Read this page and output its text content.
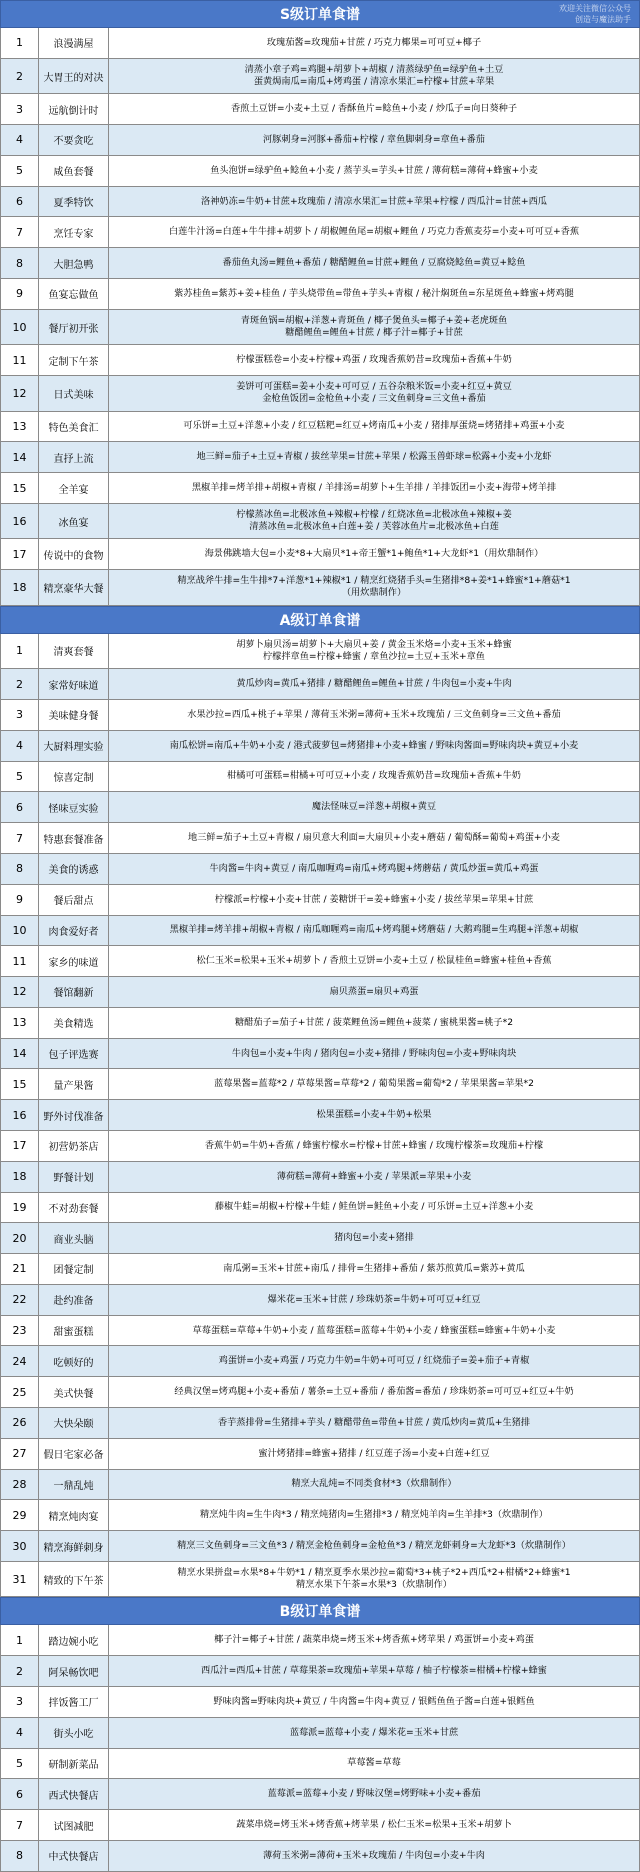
S级订单食谱	欢迎关注微信公众号
创造与魔法助手
1	浪漫满屋	玫瑰茄酱=玫瑰茄+甘蔗 / 巧克力椰果=可可豆+椰子
2	大胃王的对决
清蒸小章子鸡=鸡腿+胡萝卜+胡椒 / 清蒸绿驴鱼=绿驴鱼+土豆
蛋黄焗南瓜=南瓜+烤鸡蛋 / 清凉水果汇=柠檬+甘蔗+苹果
3	远航倒计时	香煎土豆饼=小麦+土豆 / 香酥鱼片=鲶鱼+小麦 / 炒瓜子=向日葵种子
4	不要贪吃	河豚刺身=河豚+番茄+柠檬 / 章鱼脚刺身=章鱼+番茄
5	咸鱼套餐	鱼头泡饼=绿驴鱼+鲶鱼+小麦 / 蒸芋头=芋头+甘蔗 / 薄荷糕=薄荷+蜂蜜+小麦
6	夏季特饮	洛神奶冻=牛奶+甘蔗+玫瑰茄 / 清凉水果汇=甘蔗+苹果+柠檬 / 西瓜汁=甘蔗+西瓜
7	烹饪专家	白莲牛汁汤=白莲+牛牛排+胡萝卜 / 胡椒鲤鱼尾=胡椒+鲤鱼 / 巧克力香蕉麦芬=小麦+可可豆+香蕉
8	大胆急鸭	番茄鱼丸汤=鲤鱼+番茄 / 糖醋鲤鱼=甘蔗+鲤鱼 / 豆腐烧鲶鱼=黄豆+鲶鱼
9	鱼宴忘做鱼	紫苏桂鱼=紫苏+姜+桂鱼 / 芋头烧带鱼=带鱼+芋头+青椒 / 秘汁焖斑鱼=东星斑鱼+蜂蜜+烤鸡腿
10	餐厅初开张
青斑鱼锅=胡椒+洋葱+青斑鱼 / 椰子煲鱼头=椰子+姜+老虎斑鱼
糖醋鲤鱼=鲤鱼+甘蔗 / 椰子汁=椰子+甘蔗
11	定制下午茶	柠檬蛋糕卷=小麦+柠檬+鸡蛋 / 玫瑰香蕉奶昔=玫瑰茄+香蕉+牛奶
12	日式美味
姜饼可可蛋糕=姜+小麦+可可豆 / 五谷杂粮米饭=小麦+红豆+黄豆
金枪鱼饭团=金枪鱼+小麦 / 三文鱼刺身=三文鱼+番茄
13	特色美食汇	可乐饼=土豆+洋葱+小麦 / 红豆糕粑=红豆+烤南瓜+小麦 / 猪排厚蛋烧=烤猪排+鸡蛋+小麦
14	直抒上流	地三鲜=茄子+土豆+青椒 / 拔丝苹果=甘蔗+苹果 / 松露玉兽虾球=松露+小麦+小龙虾
15	全羊宴	黑椒羊排=烤羊排+胡椒+青椒 / 羊排汤=胡萝卜+生羊排 / 羊排饭团=小麦+海带+烤羊排
16	冰鱼宴
柠檬蒸冰鱼=北极冰鱼+辣椒+柠檬 / 红烧冰鱼=北极冰鱼+辣椒+姜
清蒸冰鱼=北极冰鱼+白莲+姜 / 芙蓉冰鱼片=北极冰鱼+白莲
17	传说中的食物	海景佛跳墙大包=小麦*8+大扇贝*1+帝王蟹*1+鲍鱼*1+大龙虾*1（用炊鼎制作）
18	精烹豪华大餐
精烹战斧牛排=生牛排*7+洋葱*1+辣椒*1 / 精烹红烧猪手头=生猪排*8+姜*1+蜂蜜*1+蘑菇*1
（用炊鼎制作）
A级订单食谱
1	清爽套餐
胡萝卜扇贝汤=胡萝卜+大扇贝+姜 / 黄金玉米烙=小麦+玉米+蜂蜜
柠檬拌章鱼=柠檬+蜂蜜 / 章鱼沙拉=土豆+玉米+章鱼
2	家常好味道	黄瓜炒肉=黄瓜+猪排 / 糖醋鲤鱼=鲤鱼+甘蔗 / 牛肉包=小麦+牛肉
3	美味健身餐	水果沙拉=西瓜+桃子+苹果 / 薄荷玉米粥=薄荷+玉米+玫瑰茄 / 三文鱼刺身=三文鱼+番茄
4	大厨料理实验	南瓜松饼=南瓜+牛奶+小麦 / 港式菠萝包=烤猪排+小麦+蜂蜜 / 野味肉酱面=野味肉块+黄豆+小麦
5	惊喜定制	柑橘可可蛋糕=柑橘+可可豆+小麦 / 玫瑰香蕉奶昔=玫瑰茄+香蕉+牛奶
6	怪味豆实验	魔法怪味豆=洋葱+胡椒+黄豆
7	特惠套餐准备	地三鲜=茄子+土豆+青椒 / 扇贝意大利面=大扇贝+小麦+蘑菇 / 葡萄酥=葡萄+鸡蛋+小麦
8	美食的诱惑	牛肉酱=牛肉+黄豆 / 南瓜咖喱鸡=南瓜+烤鸡腿+烤蘑菇 / 黄瓜炒蛋=黄瓜+鸡蛋
9	餐后甜点	柠檬派=柠檬+小麦+甘蔗 / 姜糖饼干=姜+蜂蜜+小麦 / 拔丝苹果=苹果+甘蔗
10	肉食爱好者	黑椒羊排=烤羊排+胡椒+青椒 / 南瓜咖喱鸡=南瓜+烤鸡腿+烤蘑菇 / 大鹅鸡腿=生鸡腿+洋葱+胡椒
11	家乡的味道	松仁玉米=松果+玉米+胡萝卜 / 香煎土豆饼=小麦+土豆 / 松鼠桂鱼=蜂蜜+桂鱼+香蕉
12	餐馆翻新	扇贝蒸蛋=扇贝+鸡蛋
13	美食精选	糖醋茄子=茄子+甘蔗 / 菠菜鲤鱼汤=鲤鱼+菠菜 / 蜜桃果酱=桃子*2
14	包子评选赛	牛肉包=小麦+牛肉 / 猪肉包=小麦+猪排 / 野味肉包=小麦+野味肉块
15	量产果酱	蓝莓果酱=蓝莓*2 / 草莓果酱=草莓*2 / 葡萄果酱=葡萄*2 / 苹果果酱=苹果*2
16	野外讨伐准备	松果蛋糕=小麦+牛奶+松果
17	初营奶茶店	香蕉牛奶=牛奶+香蕉 / 蜂蜜柠檬水=柠檬+甘蔗+蜂蜜 / 玫瑰柠檬茶=玫瑰茄+柠檬
18	野餐计划	薄荷糕=薄荷+蜂蜜+小麦 / 苹果派=苹果+小麦
19	不对劲套餐	藤椒牛蛙=胡椒+柠檬+牛蛙 / 鲑鱼饼=鲑鱼+小麦 / 可乐饼=土豆+洋葱+小麦
20	商业头脑	猪肉包=小麦+猪排
21	团餐定制	南瓜粥=玉米+甘蔗+南瓜 / 排骨=生猪排+番茄 / 紫苏煎黄瓜=紫苏+黄瓜
22	赴约准备	爆米花=玉米+甘蔗 / 珍珠奶茶=牛奶+可可豆+红豆
23	甜蜜蛋糕	草莓蛋糕=草莓+牛奶+小麦 / 蓝莓蛋糕=蓝莓+牛奶+小麦 / 蜂蜜蛋糕=蜂蜜+牛奶+小麦
24	吃顿好的	鸡蛋饼=小麦+鸡蛋 / 巧克力牛奶=牛奶+可可豆 / 红烧茄子=姜+茄子+青椒
25	美式快餐	经典汉堡=烤鸡腿+小麦+番茄 / 薯条=土豆+番茄 / 番茄酱=番茄 / 珍珠奶茶=可可豆+红豆+牛奶
26	大快朵颐	香芋蒸排骨=生猪排+芋头 / 糖醋带鱼=带鱼+甘蔗 / 黄瓜炒肉=黄瓜+生猪排
27	假日宅家必备	蜜汁烤猪排=蜂蜜+猪排 / 红豆莲子汤=小麦+白莲+红豆
28	一鼎乱炖	精烹大乱炖=不同类食材*3（炊鼎制作）
29	精烹炖肉宴	精烹炖牛肉=生牛肉*3 / 精烹炖猪肉=生猪排*3 / 精烹炖羊肉=生羊排*3（炊鼎制作）
30	精烹海鲜刺身	精烹三文鱼刺身=三文鱼*3 / 精烹金枪鱼刺身=金枪鱼*3 / 精烹龙虾刺身=大龙虾*3（炊鼎制作）
31	精致的下午茶
精烹水果拼盘=水果*8+牛奶*1 / 精烹夏季水果沙拉=葡萄*3+桃子*2+西瓜*2+柑橘*2+蜂蜜*1
精烹水果下午茶=水果*3（炊鼎制作）
B级订单食谱
1	踏边婉小吃	椰子汁=椰子+甘蔗 / 蔬菜串烧=烤玉米+烤香蕉+烤苹果 / 鸡蛋饼=小麦+鸡蛋
2	阿呆畅饮吧	西瓜汁=西瓜+甘蔗 / 草莓果茶=玫瑰茄+苹果+草莓 / 柚子柠檬茶=柑橘+柠檬+蜂蜜
3	拌饭酱工厂	野味肉酱=野味肉块+黄豆 / 牛肉酱=牛肉+黄豆 / 银鳕鱼鱼子酱=白莲+银鳕鱼
4	街头小吃	蓝莓派=蓝莓+小麦 / 爆米花=玉米+甘蔗
5	研制新菜品	草莓酱=草莓
6	西式快餐店	蓝莓派=蓝莓+小麦 / 野味汉堡=烤野味+小麦+番茄
7	试图减肥	蔬菜串烧=烤玉米+烤香蕉+烤苹果 / 松仁玉米=松果+玉米+胡萝卜
8	中式快餐店	薄荷玉米粥=薄荷+玉米+玫瑰茄 / 牛肉包=小麦+牛肉
